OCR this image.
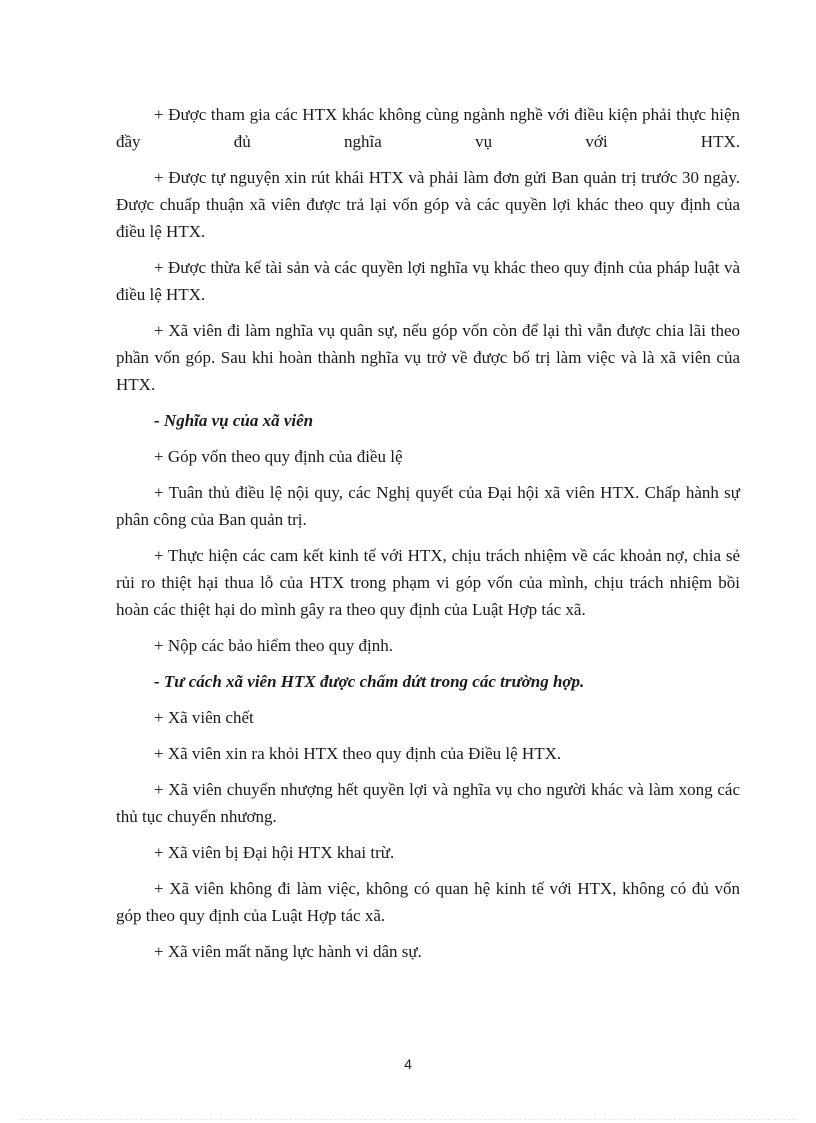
+ Được tham gia các HTX khác không cùng ngành nghề với điều kiện phải thực hiện đầy đủ nghĩa vụ với HTX.

+ Được tự nguyện xin rút khái HTX và phải làm đơn gửi Ban quản trị trước 30 ngày. Được chuẩp thuận xã viên được trả lại vốn góp và các quyền lợi khác theo quy định của điều lệ HTX.

+ Được thừa kế tài sản và các quyền lợi nghĩa vụ khác theo quy định của pháp luật và điều lệ HTX.

+ Xã viên đi làm nghĩa vụ quân sự, nếu góp vốn còn để lại thì vẫn được chia lãi theo phần vốn góp. Sau khi hoàn thành nghĩa vụ trở về được bố trị làm việc và là xã viên của HTX.

- Nghĩa vụ của xã viên

+ Góp vốn theo quy định của điều lệ

+ Tuân thủ điều lệ nội quy, các Nghị quyết của Đại hội xã viên HTX. Chấp hành sự phân công của Ban quản trị.

+ Thực hiện các cam kết kinh tế với HTX, chịu trách nhiệm về các khoản nợ, chia sẻ rủi ro thiệt hại thua lỗ của HTX trong phạm vi góp vốn của mình, chịu trách nhiệm bồi hoàn các thiệt hại do mình gây ra theo quy định của Luật Hợp tác xã.

+ Nộp các bảo hiểm theo quy định.

- Tư cách xã viên HTX được chấm dứt trong các trường hợp.

+ Xã viên chết

+ Xã viên xin ra khỏi HTX theo quy định của Điều lệ HTX.

+ Xã viên chuyển nhượng hết quyền lợi và nghĩa vụ cho người khác và làm xong các thủ tục chuyển nhương.

+ Xã viên bị Đại hội HTX khai trừ.

+ Xã viên không đi làm việc, không có quan hệ kinh tế với HTX, không có đủ vốn góp theo quy định của Luật Hợp tác xã.

+ Xã viên mất năng lực hành vi dân sự.

4
